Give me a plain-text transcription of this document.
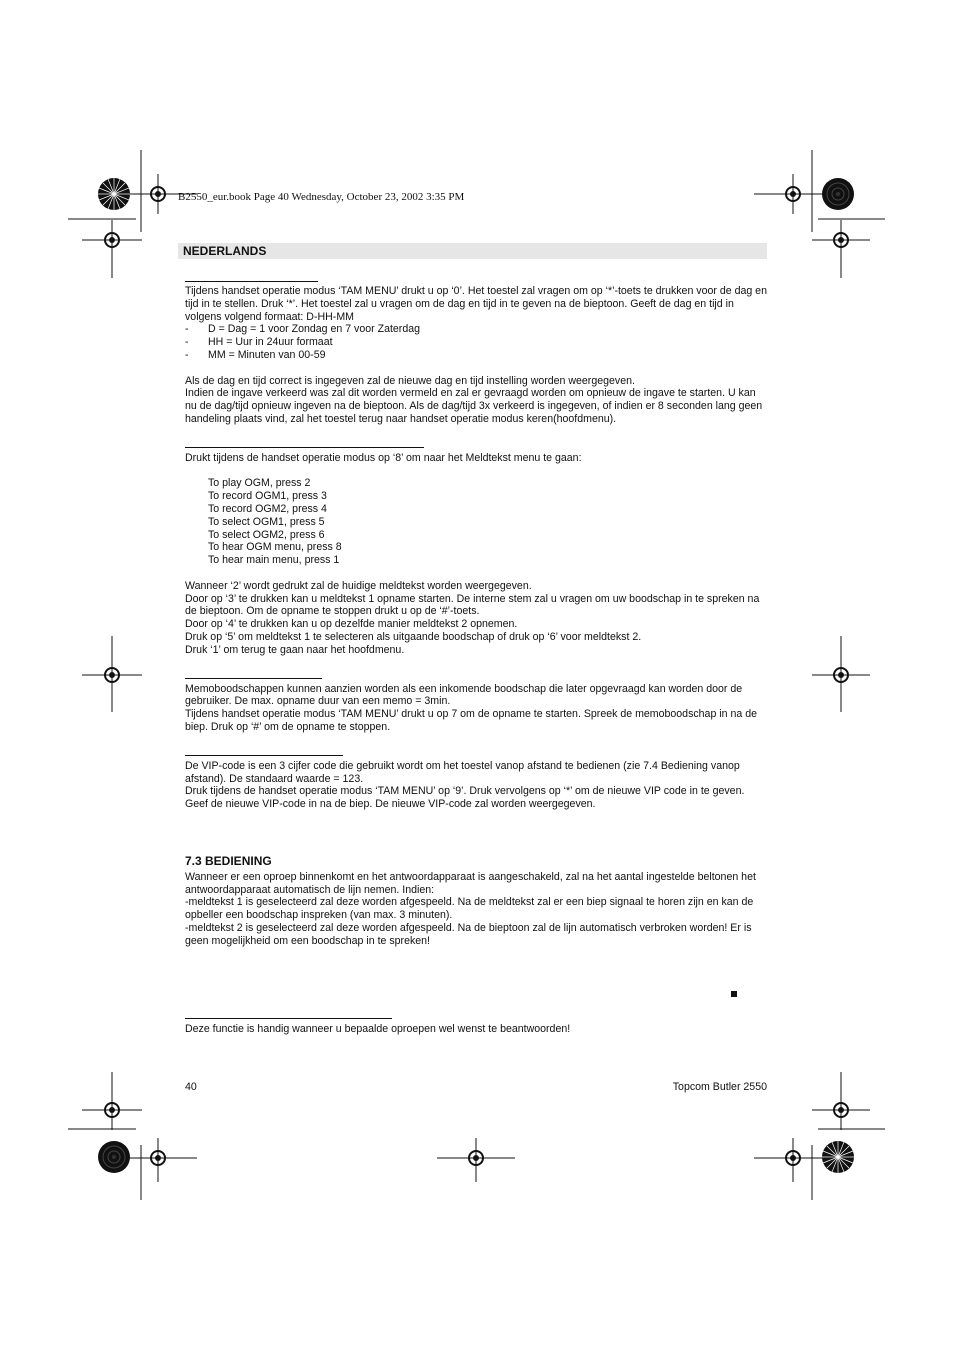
B2550_eur.book Page 40 Wednesday, October 23, 2002 3:35 PM
NEDERLANDS

Tijdens handset operatie modus ‘TAM MENU’ drukt u op ‘0’. Het toestel zal vragen om op ‘*’-toets te drukken voor de dag en tijd in te stellen. Druk ‘*’. Het toestel zal u vragen om de dag en tijd in te geven na de bieptoon. Geeft de dag en tijd in volgens volgend formaat: D-HH-MM

-	D = Dag = 1 voor Zondag en 7 voor Zaterdag
-	HH = Uur in 24uur formaat
-	MM = Minuten van 00-59

Als de dag en tijd correct is ingegeven zal de nieuwe dag en tijd instelling worden weergegeven.

Indien de ingave verkeerd was zal dit worden vermeld en zal er gevraagd worden om opnieuw de ingave te starten. U kan nu de dag/tijd opnieuw ingeven na de bieptoon. Als de dag/tijd 3x verkeerd is ingegeven, of indien er 8 seconden lang geen handeling plaats vind, zal het toestel terug naar handset operatie modus keren(hoofdmenu).

Drukt tijdens de handset operatie modus op ‘8’ om naar het Meldtekst menu te gaan:

To play OGM, press 2

To record OGM1, press 3

To record OGM2, press 4

To select OGM1, press 5

To select OGM2, press 6

To hear OGM menu, press 8

To hear main menu, press 1

Wanneer ‘2’ wordt gedrukt zal de huidige meldtekst worden weergegeven.

Door op ‘3’ te drukken kan u meldtekst 1 opname starten. De interne stem zal u vragen om uw boodschap in te spreken na de bieptoon. Om de opname te stoppen drukt u op de ‘#’-toets.

Door op ‘4’ te drukken kan u op dezelfde manier meldtekst 2 opnemen.

Druk op ‘5’ om meldtekst 1 te selecteren als uitgaande boodschap of druk op ‘6’ voor meldtekst 2.

Druk ‘1’ om terug te gaan naar het hoofdmenu.

Memoboodschappen kunnen aanzien worden als een inkomende boodschap die later opgevraagd kan worden door de gebruiker. De max. opname duur van een memo = 3min.

Tijdens handset operatie modus ‘TAM MENU’ drukt u op 7 om de opname te starten. Spreek de memoboodschap in na de biep. Druk op ‘#’ om de opname te stoppen.

De VIP-code is een 3 cijfer code die gebruikt wordt om het toestel vanop afstand te bedienen (zie 7.4 Bediening vanop afstand). De standaard waarde = 123.

Druk tijdens de handset operatie modus ‘TAM MENU’ op ‘9’. Druk vervolgens op ‘*’ om de nieuwe VIP code in te geven. Geef de nieuwe VIP-code in na de biep. De nieuwe VIP-code zal worden weergegeven.

7.3 BEDIENING

Wanneer er een oproep binnenkomt en het antwoordapparaat is aangeschakeld, zal na het aantal ingestelde beltonen het antwoordapparaat automatisch de lijn nemen. Indien:

-meldtekst 1 is geselecteerd zal deze worden afgespeeld. Na de meldtekst zal er een biep signaal te horen zijn en kan de opbeller een boodschap inspreken (van max. 3 minuten).

-meldtekst 2 is geselecteerd zal deze worden afgespeeld. Na de bieptoon zal de lijn automatisch verbroken worden! Er is geen mogelijkheid om een boodschap in te spreken!

Deze functie is handig wanneer u bepaalde oproepen wel wenst te beantwoorden!

40	Topcom Butler 2550
